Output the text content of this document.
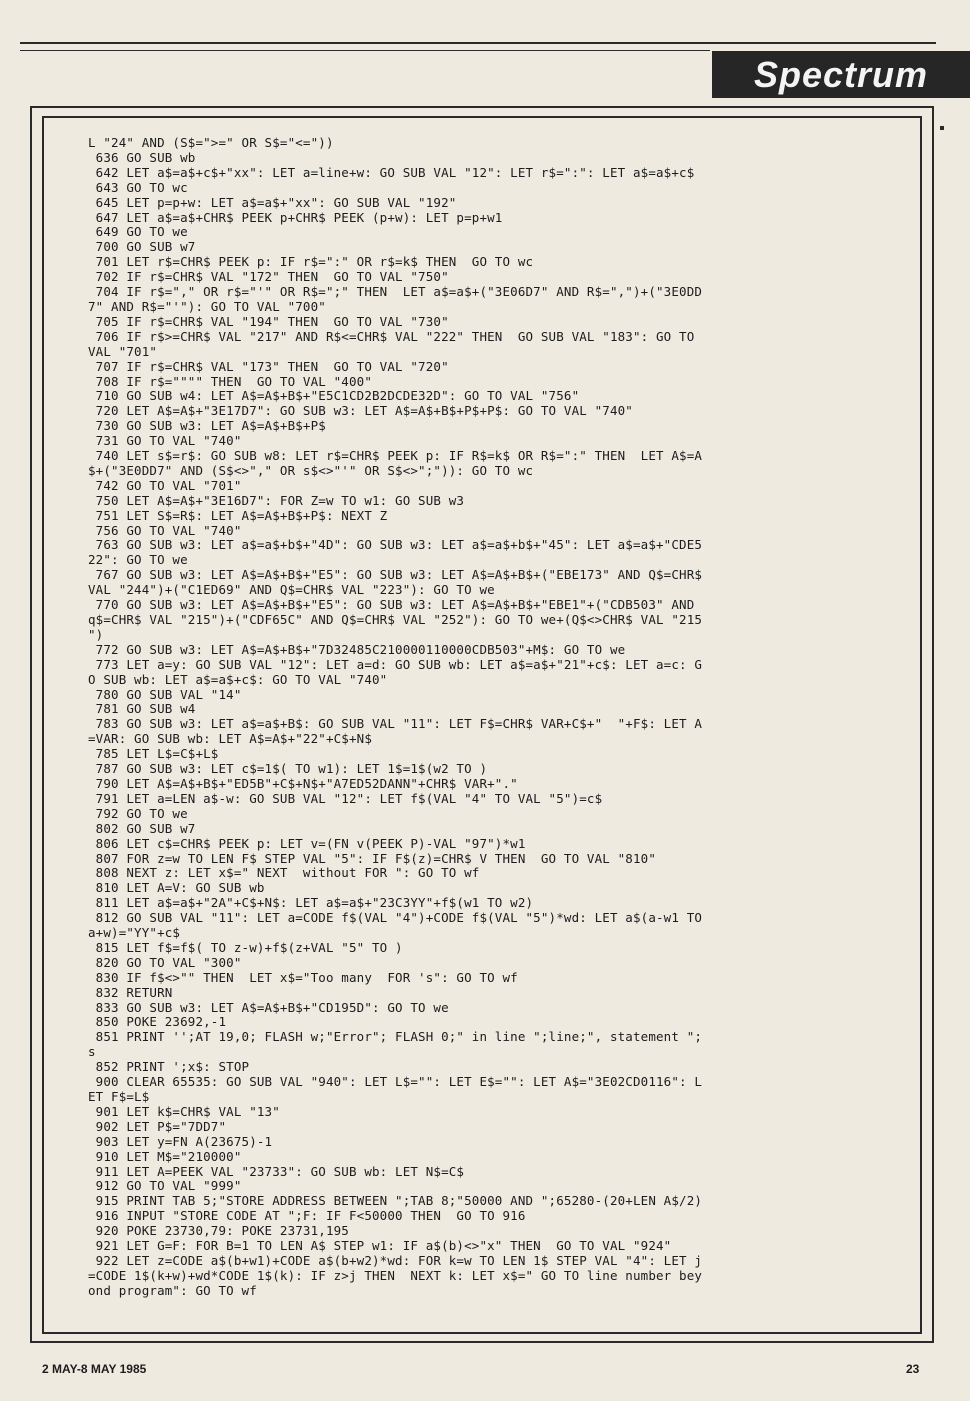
Spectrum
L "24" AND (S$=">=" OR S$="<="))
636 GO SUB wb
642 LET a$=a$+c$+"xx": LET a=line+w: GO SUB VAL "12": LET r$=":": LET a$=a$+c$
643 GO TO wc
645 LET p=p+w: LET a$=a$+"xx": GO SUB VAL "192"
647 LET a$=a$+CHR$ PEEK p+CHR$ PEEK (p+w): LET p=p+w1
649 GO TO we
700 GO SUB w7
701 LET r$=CHR$ PEEK p: IF r$=":" OR r$=k$ THEN  GO TO wc
702 IF r$=CHR$ VAL "172" THEN  GO TO VAL "750"
704 IF r$="," OR r$="'" OR R$=";" THEN  LET a$=a$+("3E06D7" AND R$=",")+("3E0DD
7" AND R$="'"): GO TO VAL "700"
705 IF r$=CHR$ VAL "194" THEN  GO TO VAL "730"
706 IF r$>=CHR$ VAL "217" AND R$<=CHR$ VAL "222" THEN  GO SUB VAL "183": GO TO
VAL "701"
707 IF r$=CHR$ VAL "173" THEN  GO TO VAL "720"
708 IF r$="""" THEN  GO TO VAL "400"
710 GO SUB w4: LET A$=A$+B$+"E5C1CD2B2DCDE32D": GO TO VAL "756"
720 LET A$=A$+"3E17D7": GO SUB w3: LET A$=A$+B$+P$+P$: GO TO VAL "740"
730 GO SUB w3: LET A$=A$+B$+P$
731 GO TO VAL "740"
740 LET s$=r$: GO SUB w8: LET r$=CHR$ PEEK p: IF R$=k$ OR R$=":" THEN  LET A$=A
$+("3E0DD7" AND (S$<>"," OR s$<>"'" OR S$<>";")): GO TO wc
742 GO TO VAL "701"
750 LET A$=A$+"3E16D7": FOR Z=w TO w1: GO SUB w3
751 LET S$=R$: LET A$=A$+B$+P$: NEXT Z
756 GO TO VAL "740"
763 GO SUB w3: LET a$=a$+b$+"4D": GO SUB w3: LET a$=a$+b$+"45": LET a$=a$+"CDE5
22": GO TO we
767 GO SUB w3: LET A$=A$+B$+"E5": GO SUB w3: LET A$=A$+B$+("EBE173" AND Q$=CHR$
VAL "244")+("C1ED69" AND Q$=CHR$ VAL "223"): GO TO we
770 GO SUB w3: LET A$=A$+B$+"E5": GO SUB w3: LET A$=A$+B$+"EBE1"+("CDB503" AND
q$=CHR$ VAL "215")+("CDF65C" AND Q$=CHR$ VAL "252"): GO TO we+(Q$<>CHR$ VAL "215
")
772 GO SUB w3: LET A$=A$+B$+"7D32485C210000110000CDB503"+M$: GO TO we
773 LET a=y: GO SUB VAL "12": LET a=d: GO SUB wb: LET a$=a$+"21"+c$: LET a=c: G
O SUB wb: LET a$=a$+c$: GO TO VAL "740"
780 GO SUB VAL "14"
781 GO SUB w4
783 GO SUB w3: LET a$=a$+B$: GO SUB VAL "11": LET F$=CHR$ VAR+C$+"  "+F$: LET A
=VAR: GO SUB wb: LET A$=A$+"22"+C$+N$
785 LET L$=C$+L$
787 GO SUB w3: LET c$=1$( TO w1): LET 1$=1$(w2 TO )
790 LET A$=A$+B$+"ED5B"+C$+N$+"A7ED52DANN"+CHR$ VAR+"."
791 LET a=LEN a$-w: GO SUB VAL "12": LET f$(VAL "4" TO VAL "5")=c$
792 GO TO we
802 GO SUB w7
806 LET c$=CHR$ PEEK p: LET v=(FN v(PEEK P)-VAL "97")*w1
807 FOR z=w TO LEN F$ STEP VAL "5": IF F$(z)=CHR$ V THEN  GO TO VAL "810"
808 NEXT z: LET x$=" NEXT  without FOR ": GO TO wf
810 LET A=V: GO SUB wb
811 LET a$=a$+"2A"+C$+N$: LET a$=a$+"23C3YY"+f$(w1 TO w2)
812 GO SUB VAL "11": LET a=CODE f$(VAL "4")+CODE f$(VAL "5")*wd: LET a$(a-w1 TO
a+w)="YY"+c$
815 LET f$=f$( TO z-w)+f$(z+VAL "5" TO )
820 GO TO VAL "300"
830 IF f$<>"" THEN  LET x$="Too many  FOR 's": GO TO wf
832 RETURN
833 GO SUB w3: LET A$=A$+B$+"CD195D": GO TO we
850 POKE 23692,-1
851 PRINT '';AT 19,0; FLASH w;"Error"; FLASH 0;" in line ";line;", statement ";
s
852 PRINT ';x$: STOP
900 CLEAR 65535: GO SUB VAL "940": LET L$="": LET E$="": LET A$="3E02CD0116": L
ET F$=L$
901 LET k$=CHR$ VAL "13"
902 LET P$="7DD7"
903 LET y=FN A(23675)-1
910 LET M$="210000"
911 LET A=PEEK VAL "23733": GO SUB wb: LET N$=C$
912 GO TO VAL "999"
915 PRINT TAB 5;"STORE ADDRESS BETWEEN ";TAB 8;"50000 AND ";65280-(20+LEN A$/2)
916 INPUT "STORE CODE AT ";F: IF F<50000 THEN  GO TO 916
920 POKE 23730,79: POKE 23731,195
921 LET G=F: FOR B=1 TO LEN A$ STEP w1: IF a$(b)<>"x" THEN  GO TO VAL "924"
922 LET z=CODE a$(b+w1)+CODE a$(b+w2)*wd: FOR k=w TO LEN 1$ STEP VAL "4": LET j
=CODE 1$(k+w)+wd*CODE 1$(k): IF z>j THEN  NEXT k: LET x$=" GO TO line number bey
ond program": GO TO wf
2 MAY-8 MAY 1985	23
